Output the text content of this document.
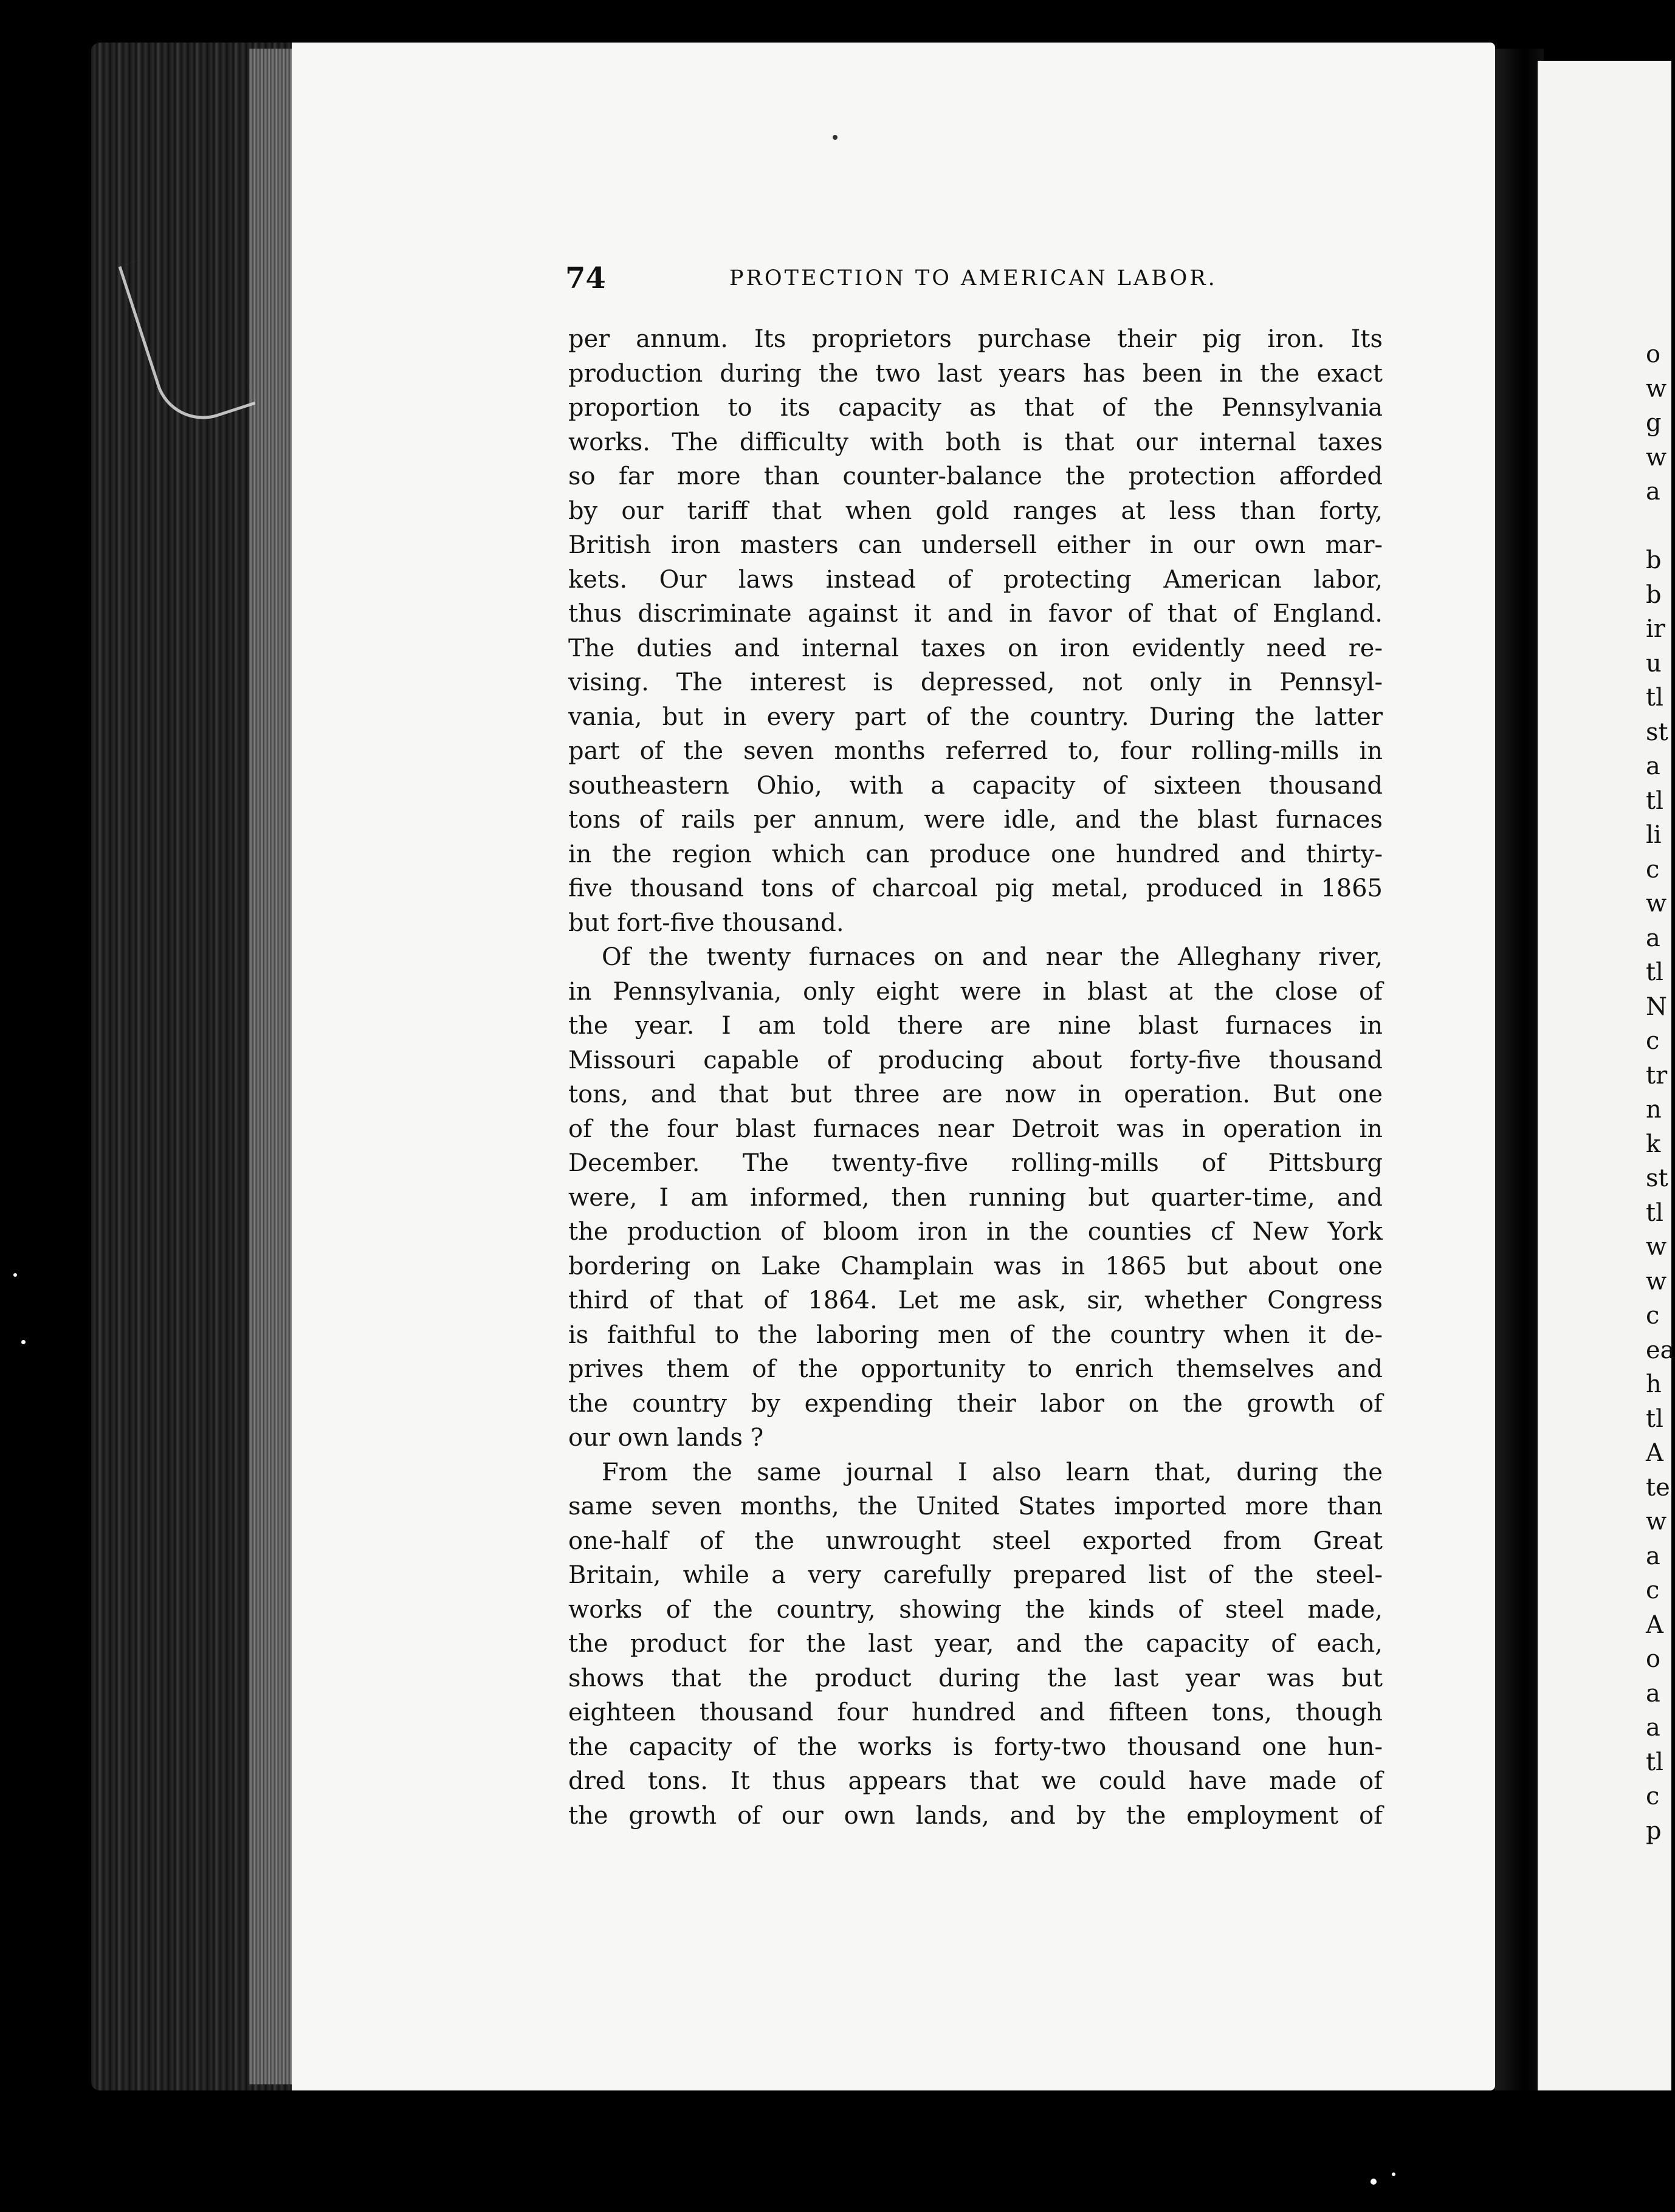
o
w
g
w
a
b
b
ir
u
tl
st
a
tl
li
c
w
a
tl
N
c
tr
n
k
st
tl
w
w
c
ea
h
tl
A
te
w
a
c
A
o
a
a
tl
c
p
74	PROTECTION TO AMERICAN LABOR.
per annum. Its proprietors purchase their pig iron. Its
production during the two last years has been in the exact
proportion to its capacity as that of the Pennsylvania
works. The difficulty with both is that our internal taxes
so far more than counter-balance the protection afforded
by our tariff that when gold ranges at less than forty,
British iron masters can undersell either in our own mar-
kets. Our laws instead of protecting American labor,
thus discriminate against it and in favor of that of England.
The duties and internal taxes on iron evidently need re-
vising. The interest is depressed, not only in Pennsyl-
vania, but in every part of the country. During the latter
part of the seven months referred to, four rolling-mills in
southeastern Ohio, with a capacity of sixteen thousand
tons of rails per annum, were idle, and the blast furnaces
in the region which can produce one hundred and thirty-
five thousand tons of charcoal pig metal, produced in 1865
but fort-five thousand.
Of the twenty furnaces on and near the Alleghany river,
in Pennsylvania, only eight were in blast at the close of
the year. I am told there are nine blast furnaces in
Missouri capable of producing about forty-five thousand
tons, and that but three are now in operation. But one
of the four blast furnaces near Detroit was in operation in
December. The twenty-five rolling-mills of Pittsburg
were, I am informed, then running but quarter-time, and
the production of bloom iron in the counties cf New York
bordering on Lake Champlain was in 1865 but about one
third of that of 1864. Let me ask, sir, whether Congress
is faithful to the laboring men of the country when it de-
prives them of the opportunity to enrich themselves and
the country by expending their labor on the growth of
our own lands ?
From the same journal I also learn that, during the
same seven months, the United States imported more than
one-half of the unwrought steel exported from Great
Britain, while a very carefully prepared list of the steel-
works of the country, showing the kinds of steel made,
the product for the last year, and the capacity of each,
shows that the product during the last year was but
eighteen thousand four hundred and fifteen tons, though
the capacity of the works is forty-two thousand one hun-
dred tons. It thus appears that we could have made of
the growth of our own lands, and by the employment of
